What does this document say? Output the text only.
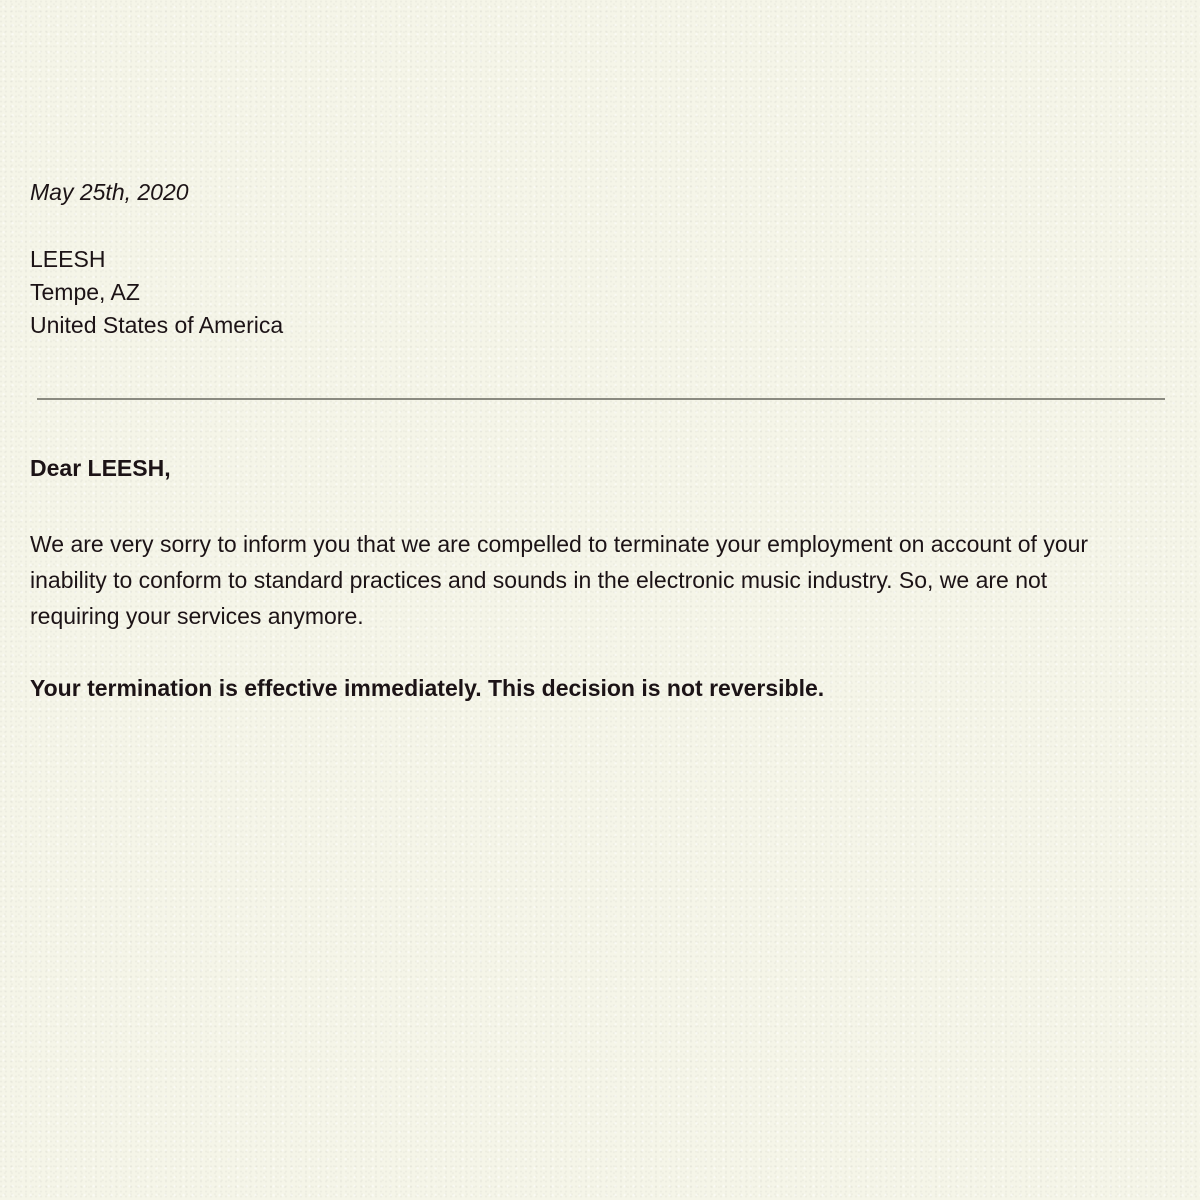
May 25th, 2020

LEESH
Tempe, AZ
United States of America

Dear LEESH,

We are very sorry to inform you that we are compelled to terminate your employment on account of your inability to conform to standard practices and sounds in the electronic music industry. So, we are not requiring your services anymore.

Your termination is effective immediately. This decision is not reversible.
